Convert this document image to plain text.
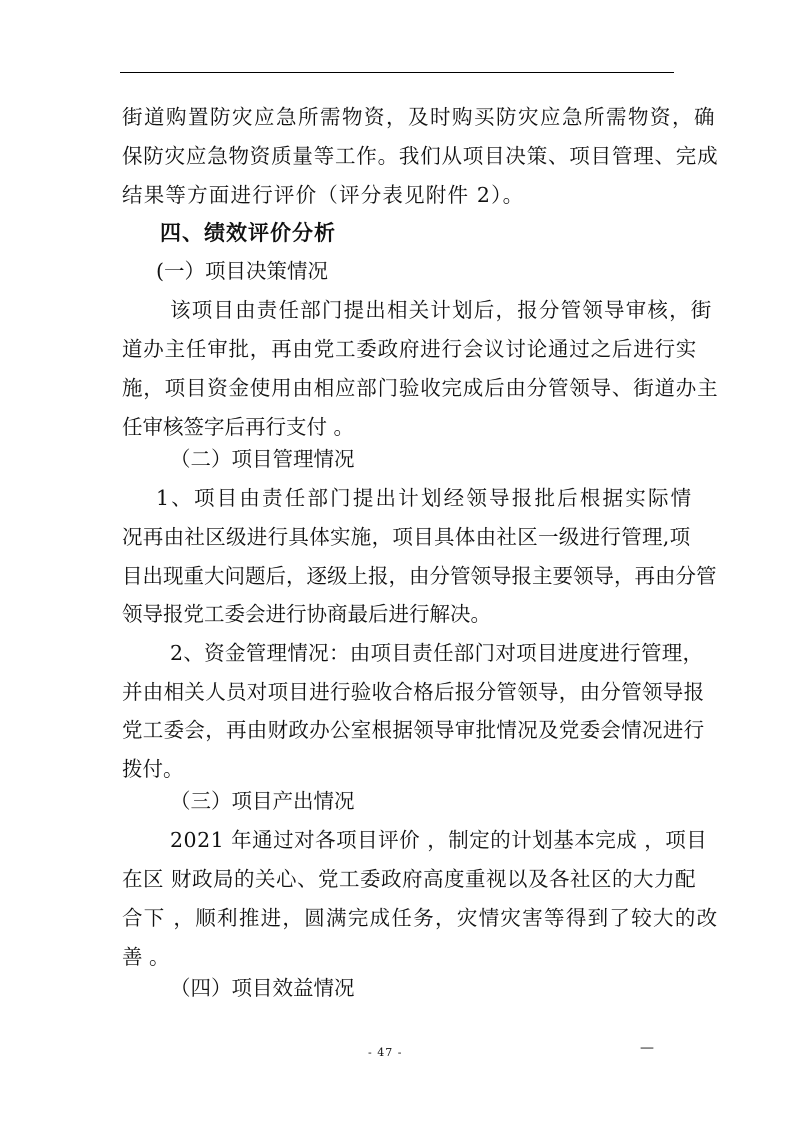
街道购置防灾应急所需物资，及时购买防灾应急所需物资，确
保防灾应急物资质量等工作。我们从项目决策、项目管理、完成
结果等方面进行评价（评分表见附件 2）。
四、绩效评价分析
(一）项目决策情况
该项目由责任部门提出相关计划后，报分管领导审核，街
道办主任审批，再由党工委政府进行会议讨论通过之后进行实
施，项目资金使用由相应部门验收完成后由分管领导、街道办主
任审核签字后再行支付 。
（二）项目管理情况
1、项目由责任部门提出计划经领导报批后根据实际情
况再由社区级进行具体实施，项目具体由社区一级进行管理,项
目出现重大问题后，逐级上报，由分管领导报主要领导，再由分管
领导报党工委会进行协商最后进行解决。
2、资金管理情况：由项目责任部门对项目进度进行管理，
并由相关人员对项目进行验收合格后报分管领导，由分管领导报
党工委会，再由财政办公室根据领导审批情况及党委会情况进行
拨付。
（三）项目产出情况
2021 年通过对各项目评价 ，制定的计划基本完成 ，项目
在区 财政局的关心、党工委政府高度重视以及各社区的大力配
合下 ，顺利推进，圆满完成任务，灾情灾害等得到了较大的改
善 。
（四）项目效益情况
- 47 -	—
